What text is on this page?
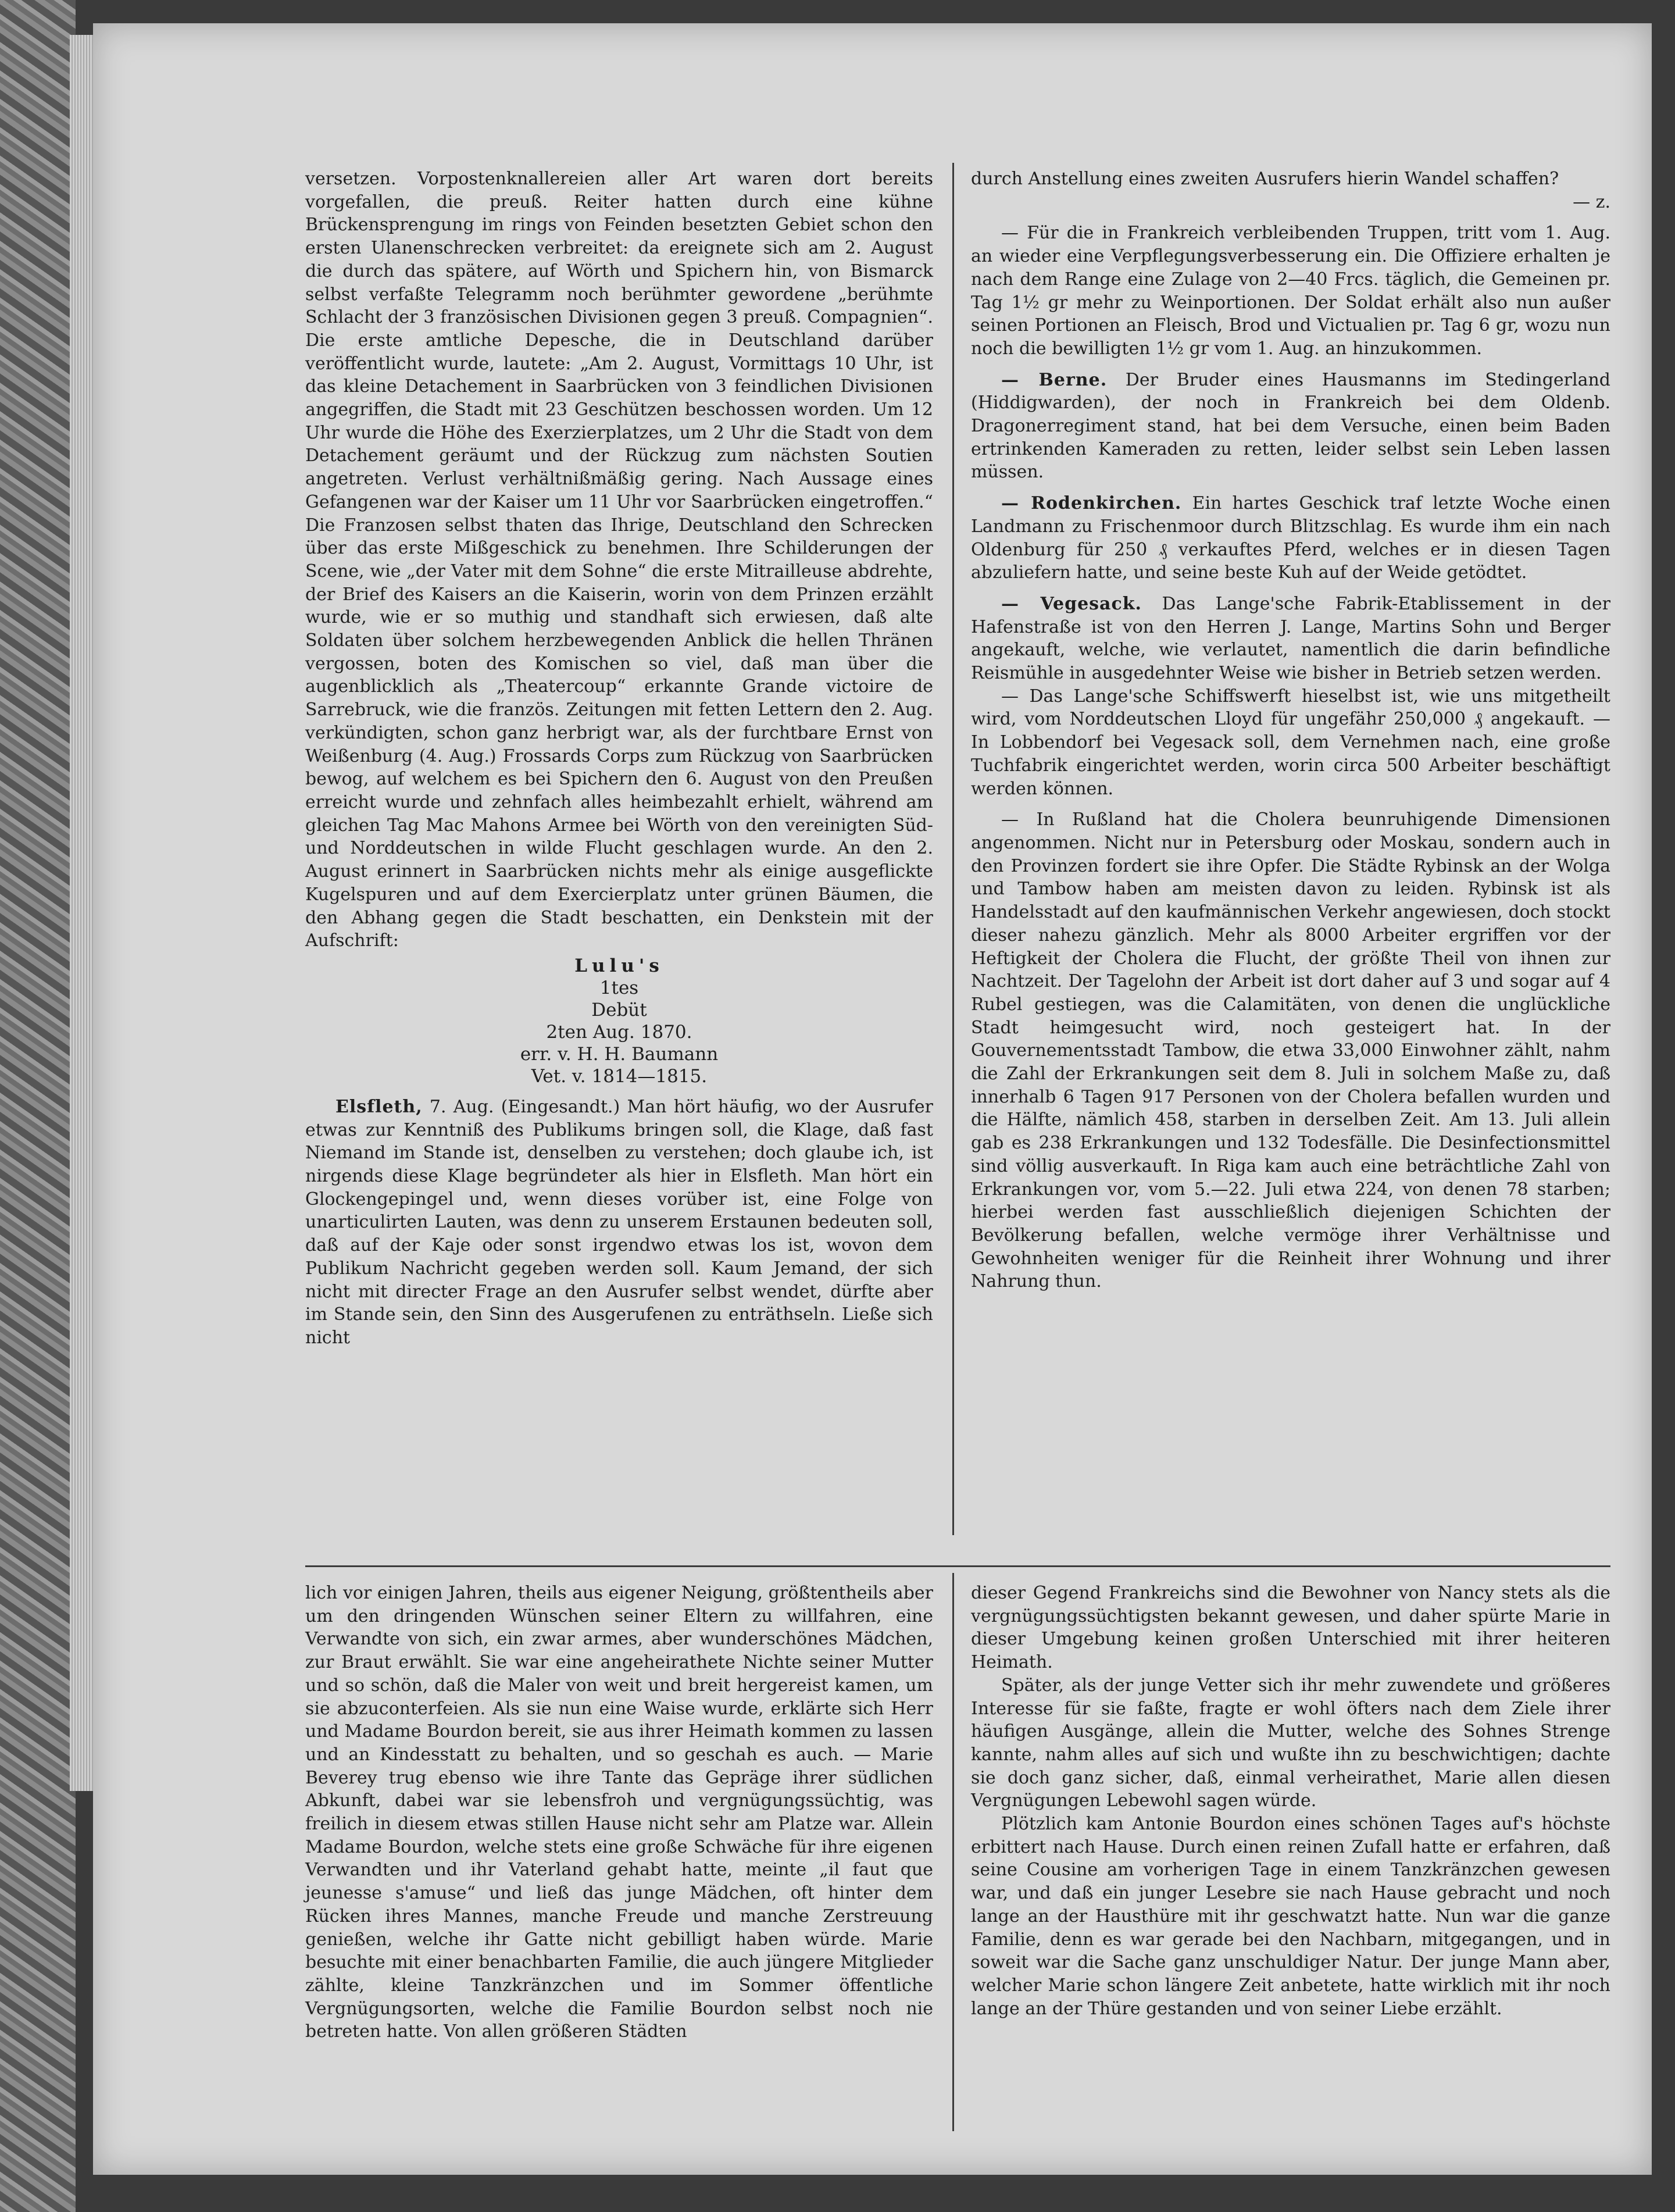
versetzen. Vorpostenknallereien aller Art waren dort bereits vorgefallen, die preuß. Reiter hatten durch eine kühne Brückensprengung im rings von Feinden besetzten Gebiet schon den ersten Ulanenschrecken verbreitet: da ereignete sich am 2. August die durch das spätere, auf Wörth und Spichern hin, von Bismarck selbst verfaßte Telegramm noch berühmter gewordene „berühmte Schlacht der 3 französischen Divisionen gegen 3 preuß. Compagnien“. Die erste amtliche Depesche, die in Deutschland darüber veröffentlicht wurde, lautete: „Am 2. August, Vormittags 10 Uhr, ist das kleine Detachement in Saarbrücken von 3 feindlichen Divisionen angegriffen, die Stadt mit 23 Geschützen beschossen worden. Um 12 Uhr wurde die Höhe des Exerzierplatzes, um 2 Uhr die Stadt von dem Detachement geräumt und der Rückzug zum nächsten Soutien angetreten. Verlust verhältnißmäßig gering. Nach Aussage eines Gefangenen war der Kaiser um 11 Uhr vor Saarbrücken eingetroffen.“ Die Franzosen selbst thaten das Ihrige, Deutschland den Schrecken über das erste Mißgeschick zu benehmen. Ihre Schilderungen der Scene, wie „der Vater mit dem Sohne“ die erste Mitrailleuse abdrehte, der Brief des Kaisers an die Kaiserin, worin von dem Prinzen erzählt wurde, wie er so muthig und standhaft sich erwiesen, daß alte Soldaten über solchem herzbewegenden Anblick die hellen Thränen vergossen, boten des Komischen so viel, daß man über die augenblicklich als „Theatercoup“ erkannte Grande victoire de Sarrebruck, wie die französ. Zeitungen mit fetten Lettern den 2. Aug. verkündigten, schon ganz herbrigt war, als der furchtbare Ernst von Weißenburg (4. Aug.) Frossards Corps zum Rückzug von Saarbrücken bewog, auf welchem es bei Spichern den 6. August von den Preußen erreicht wurde und zehnfach alles heimbezahlt erhielt, während am gleichen Tag Mac Mahons Armee bei Wörth von den vereinigten Süd- und Norddeutschen in wilde Flucht geschlagen wurde. An den 2. August erinnert in Saarbrücken nichts mehr als einige ausgeflickte Kugelspuren und auf dem Exercierplatz unter grünen Bäumen, die den Abhang gegen die Stadt beschatten, ein Denkstein mit der Aufschrift:

Lulu's
1tes
Debüt
2ten Aug. 1870.
err. v. H. H. Baumann
Vet. v. 1814—1815.

Elsfleth, 7. Aug. (Eingesandt.) Man hört häufig, wo der Ausrufer etwas zur Kenntniß des Publikums bringen soll, die Klage, daß fast Niemand im Stande ist, denselben zu verstehen; doch glaube ich, ist nirgends diese Klage begründeter als hier in Elsfleth. Man hört ein Glockengepingel und, wenn dieses vorüber ist, eine Folge von unarticulirten Lauten, was denn zu unserem Erstaunen bedeuten soll, daß auf der Kaje oder sonst irgendwo etwas los ist, wovon dem Publikum Nachricht gegeben werden soll. Kaum Jemand, der sich nicht mit directer Frage an den Ausrufer selbst wendet, dürfte aber im Stande sein, den Sinn des Ausgerufenen zu enträthseln. Ließe sich nicht

durch Anstellung eines zweiten Ausrufers hierin Wandel schaffen?

— z.

— Für die in Frankreich verbleibenden Truppen, tritt vom 1. Aug. an wieder eine Verpflegungsverbesserung ein. Die Offiziere erhalten je nach dem Range eine Zulage von 2—40 Frcs. täglich, die Gemeinen pr. Tag 1½ gr mehr zu Weinportionen. Der Soldat erhält also nun außer seinen Portionen an Fleisch, Brod und Victualien pr. Tag 6 gr, wozu nun noch die bewilligten 1½ gr vom 1. Aug. an hinzukommen.

— Berne. Der Bruder eines Hausmanns im Stedingerland (Hiddigwarden), der noch in Frankreich bei dem Oldenb. Dragonerregiment stand, hat bei dem Versuche, einen beim Baden ertrinkenden Kameraden zu retten, leider selbst sein Leben lassen müssen.

— Rodenkirchen. Ein hartes Geschick traf letzte Woche einen Landmann zu Frischenmoor durch Blitzschlag. Es wurde ihm ein nach Oldenburg für 250 ₰ verkauftes Pferd, welches er in diesen Tagen abzuliefern hatte, und seine beste Kuh auf der Weide getödtet.

— Vegesack. Das Lange'sche Fabrik-Etablissement in der Hafenstraße ist von den Herren J. Lange, Martins Sohn und Berger angekauft, welche, wie verlautet, namentlich die darin befindliche Reismühle in ausgedehnter Weise wie bisher in Betrieb setzen werden.

— Das Lange'sche Schiffswerft hieselbst ist, wie uns mitgetheilt wird, vom Norddeutschen Lloyd für ungefähr 250,000 ₰ angekauft. — In Lobbendorf bei Vegesack soll, dem Vernehmen nach, eine große Tuchfabrik eingerichtet werden, worin circa 500 Arbeiter beschäftigt werden können.

— In Rußland hat die Cholera beunruhigende Dimensionen angenommen. Nicht nur in Petersburg oder Moskau, sondern auch in den Provinzen fordert sie ihre Opfer. Die Städte Rybinsk an der Wolga und Tambow haben am meisten davon zu leiden. Rybinsk ist als Handelsstadt auf den kaufmännischen Verkehr angewiesen, doch stockt dieser nahezu gänzlich. Mehr als 8000 Arbeiter ergriffen vor der Heftigkeit der Cholera die Flucht, der größte Theil von ihnen zur Nachtzeit. Der Tagelohn der Arbeit ist dort daher auf 3 und sogar auf 4 Rubel gestiegen, was die Calamitäten, von denen die unglückliche Stadt heimgesucht wird, noch gesteigert hat. In der Gouvernementsstadt Tambow, die etwa 33,000 Einwohner zählt, nahm die Zahl der Erkrankungen seit dem 8. Juli in solchem Maße zu, daß innerhalb 6 Tagen 917 Personen von der Cholera befallen wurden und die Hälfte, nämlich 458, starben in derselben Zeit. Am 13. Juli allein gab es 238 Erkrankungen und 132 Todesfälle. Die Desinfectionsmittel sind völlig ausverkauft. In Riga kam auch eine beträchtliche Zahl von Erkrankungen vor, vom 5.—22. Juli etwa 224, von denen 78 starben; hierbei werden fast ausschließlich diejenigen Schichten der Bevölkerung befallen, welche vermöge ihrer Verhältnisse und Gewohnheiten weniger für die Reinheit ihrer Wohnung und ihrer Nahrung thun.

lich vor einigen Jahren, theils aus eigener Neigung, größtentheils aber um den dringenden Wünschen seiner Eltern zu willfahren, eine Verwandte von sich, ein zwar armes, aber wunderschönes Mädchen, zur Braut erwählt. Sie war eine angeheirathete Nichte seiner Mutter und so schön, daß die Maler von weit und breit hergereist kamen, um sie abzuconterfeien. Als sie nun eine Waise wurde, erklärte sich Herr und Madame Bourdon bereit, sie aus ihrer Heimath kommen zu lassen und an Kindesstatt zu behalten, und so geschah es auch. — Marie Beverey trug ebenso wie ihre Tante das Gepräge ihrer südlichen Abkunft, dabei war sie lebensfroh und vergnügungssüchtig, was freilich in diesem etwas stillen Hause nicht sehr am Platze war. Allein Madame Bourdon, welche stets eine große Schwäche für ihre eigenen Verwandten und ihr Vaterland gehabt hatte, meinte „il faut que jeunesse s'amuse“ und ließ das junge Mädchen, oft hinter dem Rücken ihres Mannes, manche Freude und manche Zerstreuung genießen, welche ihr Gatte nicht gebilligt haben würde. Marie besuchte mit einer benachbarten Familie, die auch jüngere Mitglieder zählte, kleine Tanzkränzchen und im Sommer öffentliche Vergnügungsorten, welche die Familie Bourdon selbst noch nie betreten hatte. Von allen größeren Städten

dieser Gegend Frankreichs sind die Bewohner von Nancy stets als die vergnügungssüchtigsten bekannt gewesen, und daher spürte Marie in dieser Umgebung keinen großen Unterschied mit ihrer heiteren Heimath.

Später, als der junge Vetter sich ihr mehr zuwendete und größeres Interesse für sie faßte, fragte er wohl öfters nach dem Ziele ihrer häufigen Ausgänge, allein die Mutter, welche des Sohnes Strenge kannte, nahm alles auf sich und wußte ihn zu beschwichtigen; dachte sie doch ganz sicher, daß, einmal verheirathet, Marie allen diesen Vergnügungen Lebewohl sagen würde.

Plötzlich kam Antonie Bourdon eines schönen Tages auf's höchste erbittert nach Hause. Durch einen reinen Zufall hatte er erfahren, daß seine Cousine am vorherigen Tage in einem Tanzkränzchen gewesen war, und daß ein junger Lesebre sie nach Hause gebracht und noch lange an der Hausthüre mit ihr geschwatzt hatte. Nun war die ganze Familie, denn es war gerade bei den Nachbarn, mitgegangen, und in soweit war die Sache ganz unschuldiger Natur. Der junge Mann aber, welcher Marie schon längere Zeit anbetete, hatte wirklich mit ihr noch lange an der Thüre gestanden und von seiner Liebe erzählt.
